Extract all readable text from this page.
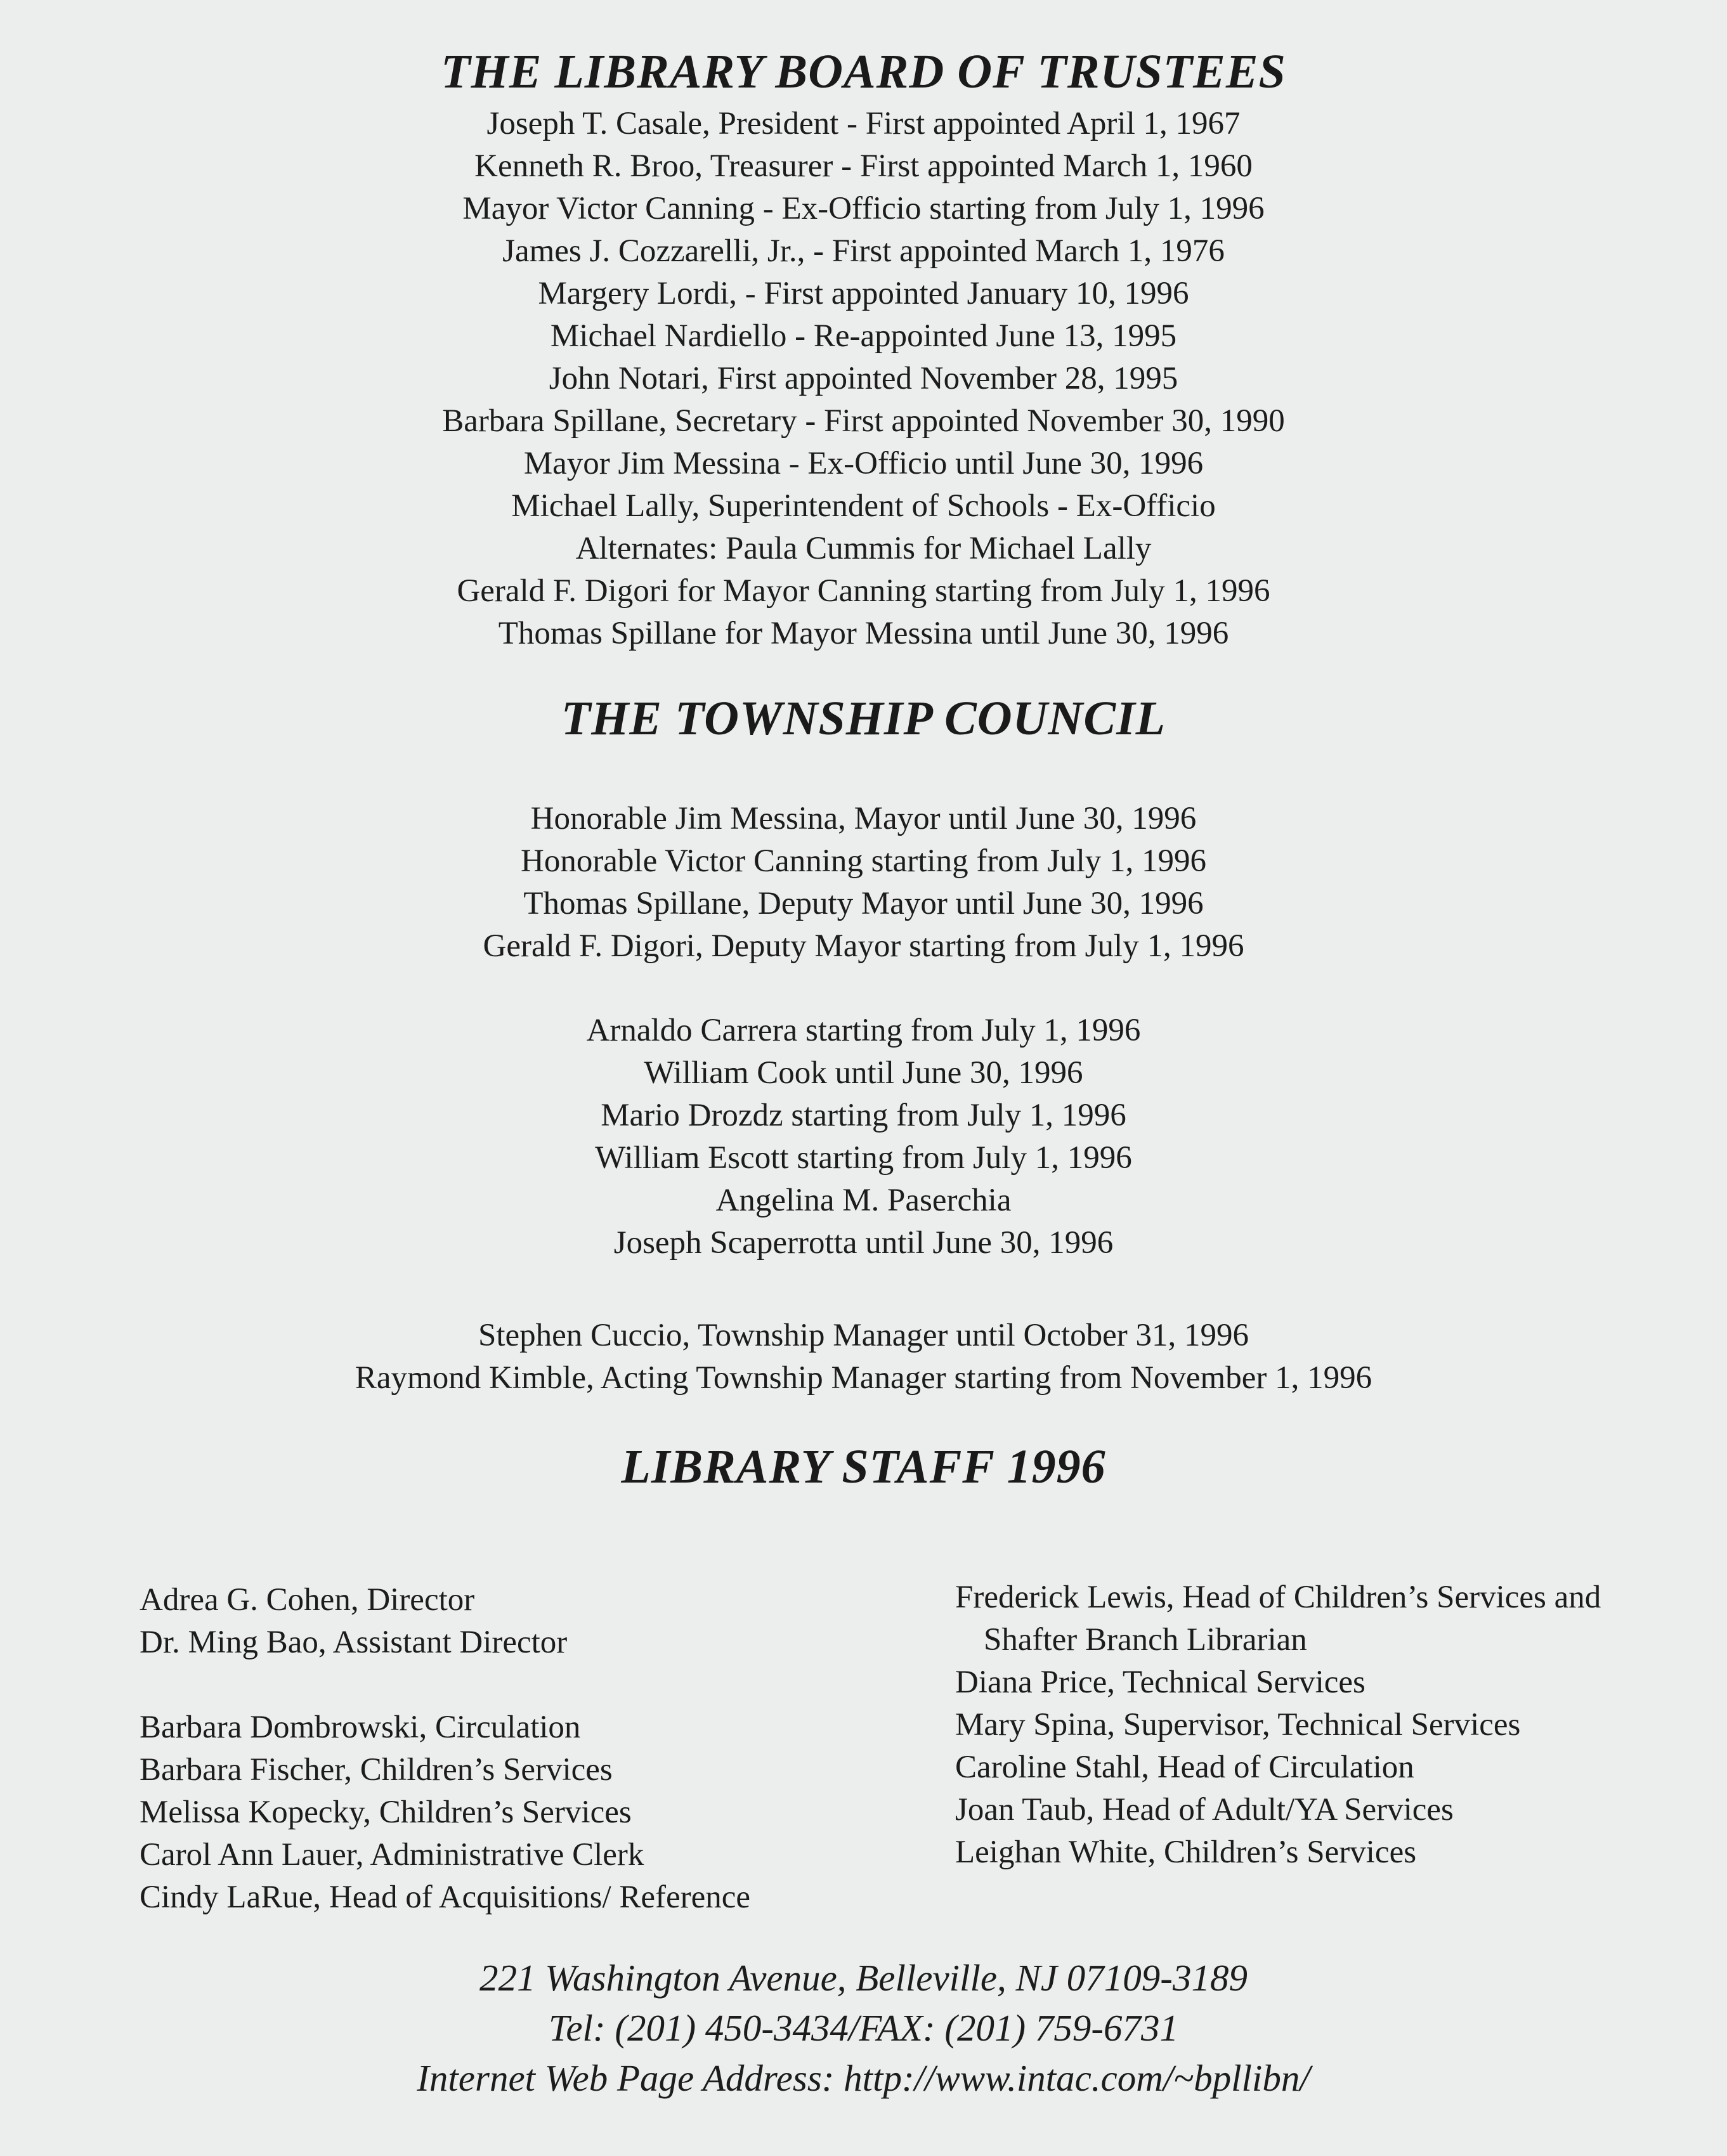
THE LIBRARY BOARD OF TRUSTEES
Joseph T. Casale, President - First appointed April 1, 1967
Kenneth R. Broo, Treasurer - First appointed March 1, 1960
Mayor Victor Canning - Ex-Officio starting from July 1, 1996
James J. Cozzarelli, Jr., - First appointed March 1, 1976
Margery Lordi, - First appointed January 10, 1996
Michael Nardiello - Re-appointed June 13, 1995
John Notari, First appointed November 28, 1995
Barbara Spillane, Secretary - First appointed November 30, 1990
Mayor Jim Messina - Ex-Officio until June 30, 1996
Michael Lally, Superintendent of Schools - Ex-Officio
Alternates: Paula Cummis for Michael Lally
Gerald F. Digori for Mayor Canning starting from July 1, 1996
Thomas Spillane for Mayor Messina until June 30, 1996
THE TOWNSHIP COUNCIL
Honorable Jim Messina, Mayor until June 30, 1996
Honorable Victor Canning starting from July 1, 1996
Thomas Spillane, Deputy Mayor until June 30, 1996
Gerald F. Digori, Deputy Mayor starting from July 1, 1996
Arnaldo Carrera starting from July 1, 1996
William Cook until June 30, 1996
Mario Drozdz starting from July 1, 1996
William Escott starting from July 1, 1996
Angelina M. Paserchia
Joseph Scaperrotta until June 30, 1996
Stephen Cuccio, Township Manager until October 31, 1996
Raymond Kimble, Acting Township Manager starting from November 1, 1996
LIBRARY STAFF 1996
Adrea G. Cohen, Director
Dr. Ming Bao, Assistant Director
Barbara Dombrowski, Circulation
Barbara Fischer, Children’s Services
Melissa Kopecky, Children’s Services
Carol Ann Lauer, Administrative Clerk
Cindy LaRue, Head of Acquisitions/ Reference
Frederick Lewis, Head of Children’s Services and
Shafter Branch Librarian
Diana Price, Technical Services
Mary Spina, Supervisor, Technical Services
Caroline Stahl, Head of Circulation
Joan Taub, Head of Adult/YA Services
Leighan White, Children’s Services
221 Washington Avenue, Belleville, NJ 07109-3189
Tel: (201) 450-3434/FAX: (201) 759-6731
Internet Web Page Address: http://www.intac.com/~bpllibn/
